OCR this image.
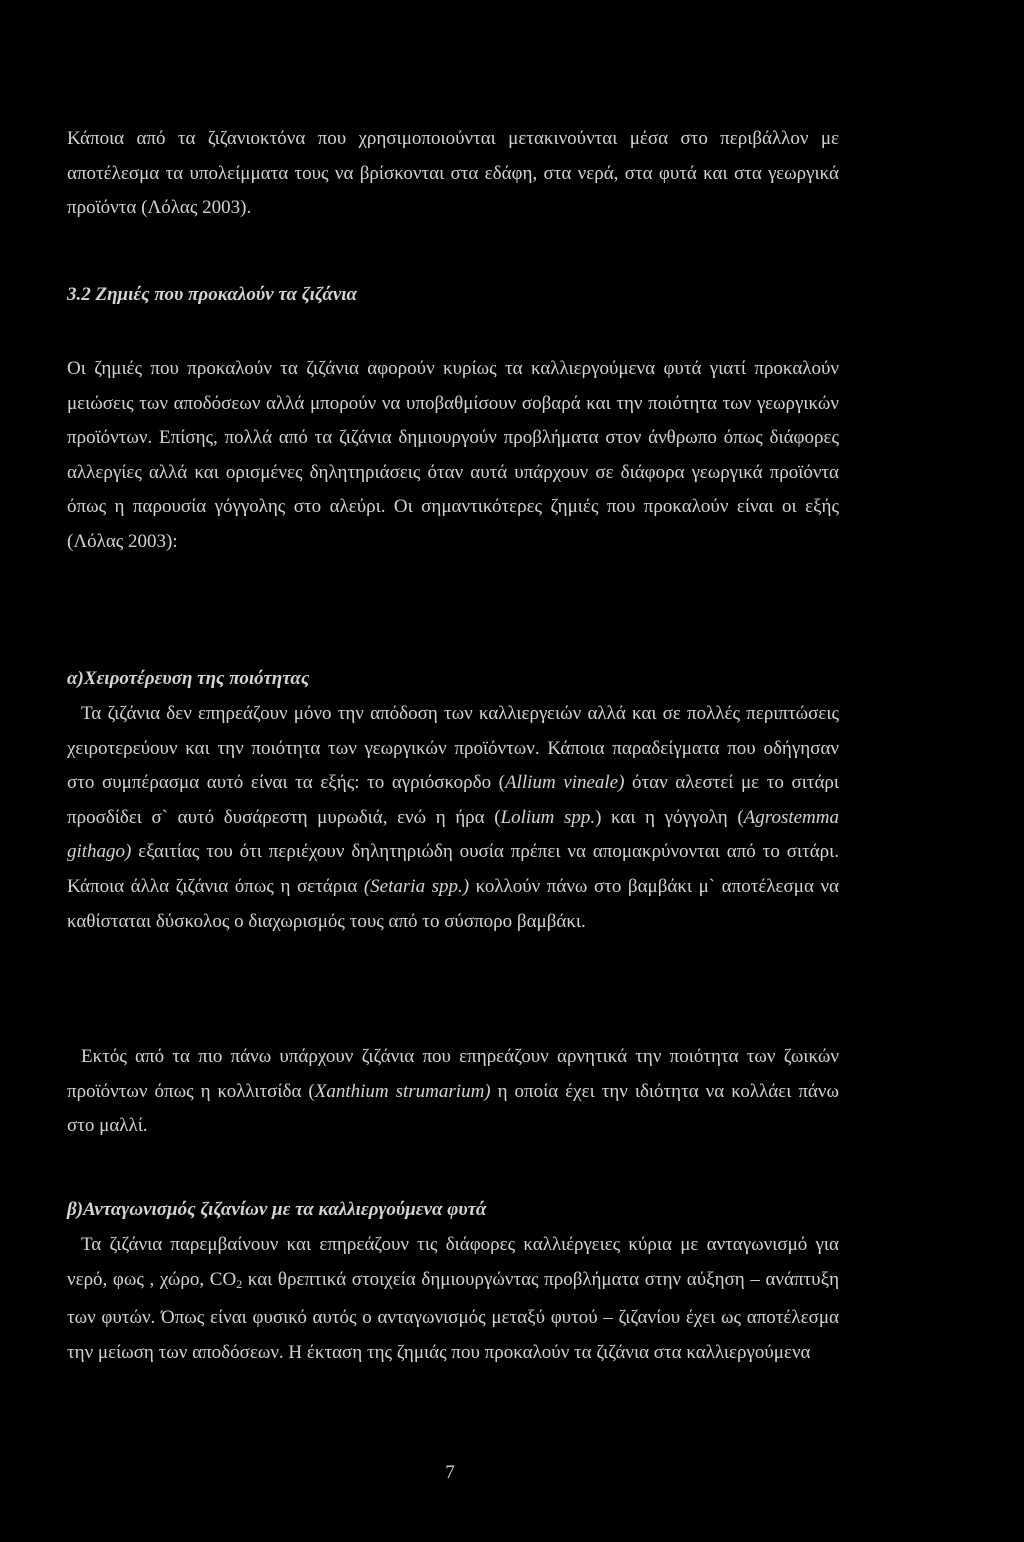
Κάποια από τα ζιζανιοκτόνα που χρησιμοποιούνται μετακινούνται μέσα στο περιβάλλον με αποτέλεσμα τα υπολείμματα τους να βρίσκονται στα εδάφη, στα νερά, στα φυτά και στα γεωργικά προϊόντα (Λόλας 2003).

3.2 Ζημιές που προκαλούν τα ζιζάνια

Οι ζημιές που προκαλούν τα ζιζάνια αφορούν κυρίως τα καλλιεργούμενα φυτά γιατί προκαλούν μειώσεις των αποδόσεων αλλά μπορούν να υποβαθμίσουν σοβαρά και την ποιότητα των γεωργικών προϊόντων. Επίσης, πολλά από τα ζιζάνια δημιουργούν προβλήματα στον άνθρωπο όπως διάφορες αλλεργίες αλλά και ορισμένες δηλητηριάσεις όταν αυτά υπάρχουν σε διάφορα γεωργικά προϊόντα όπως η παρουσία γόγγολης στο αλεύρι. Οι σημαντικότερες ζημιές που προκαλούν είναι οι εξής (Λόλας 2003):

α)Χειροτέρευση της ποιότητας

Τα ζιζάνια δεν επηρεάζουν μόνο την απόδοση των καλλιεργειών αλλά και σε πολλές περιπτώσεις χειροτερεύουν και την ποιότητα των γεωργικών προϊόντων. Κάποια παραδείγματα που οδήγησαν στο συμπέρασμα αυτό είναι τα εξής: το αγριόσκορδο (Allium vineale) όταν αλεστεί με το σιτάρι προσδίδει σ` αυτό δυσάρεστη μυρωδιά, ενώ η ήρα (Lolium spp.) και η γόγγολη (Agrostemma githago) εξαιτίας του ότι περιέχουν δηλητηριώδη ουσία πρέπει να απομακρύνονται από το σιτάρι. Κάποια άλλα ζιζάνια όπως η σετάρια (Setaria spp.) κολλούν πάνω στο βαμβάκι μ` αποτέλεσμα να καθίσταται δύσκολος ο διαχωρισμός τους από το σύσπορο βαμβάκι.

Εκτός από τα πιο πάνω υπάρχουν ζιζάνια που επηρεάζουν αρνητικά την ποιότητα των ζωικών προϊόντων όπως η κολλιτσίδα (Xanthium strumarium) η οποία έχει την ιδιότητα να κολλάει πάνω στο μαλλί.

β)Ανταγωνισμός ζιζανίων με τα καλλιεργούμενα φυτά

Τα ζιζάνια παρεμβαίνουν και επηρεάζουν τις διάφορες καλλιέργειες κύρια με ανταγωνισμό για νερό, φως , χώρο, $CO_2$ και θρεπτικά στοιχεία δημιουργώντας προβλήματα στην αύξηση – ανάπτυξη των φυτών. Όπως είναι φυσικό αυτός ο ανταγωνισμός μεταξύ φυτού – ζιζανίου έχει ως αποτέλεσμα την μείωση των αποδόσεων. Η έκταση της ζημιάς που προκαλούν τα ζιζάνια στα καλλιεργούμενα

7
